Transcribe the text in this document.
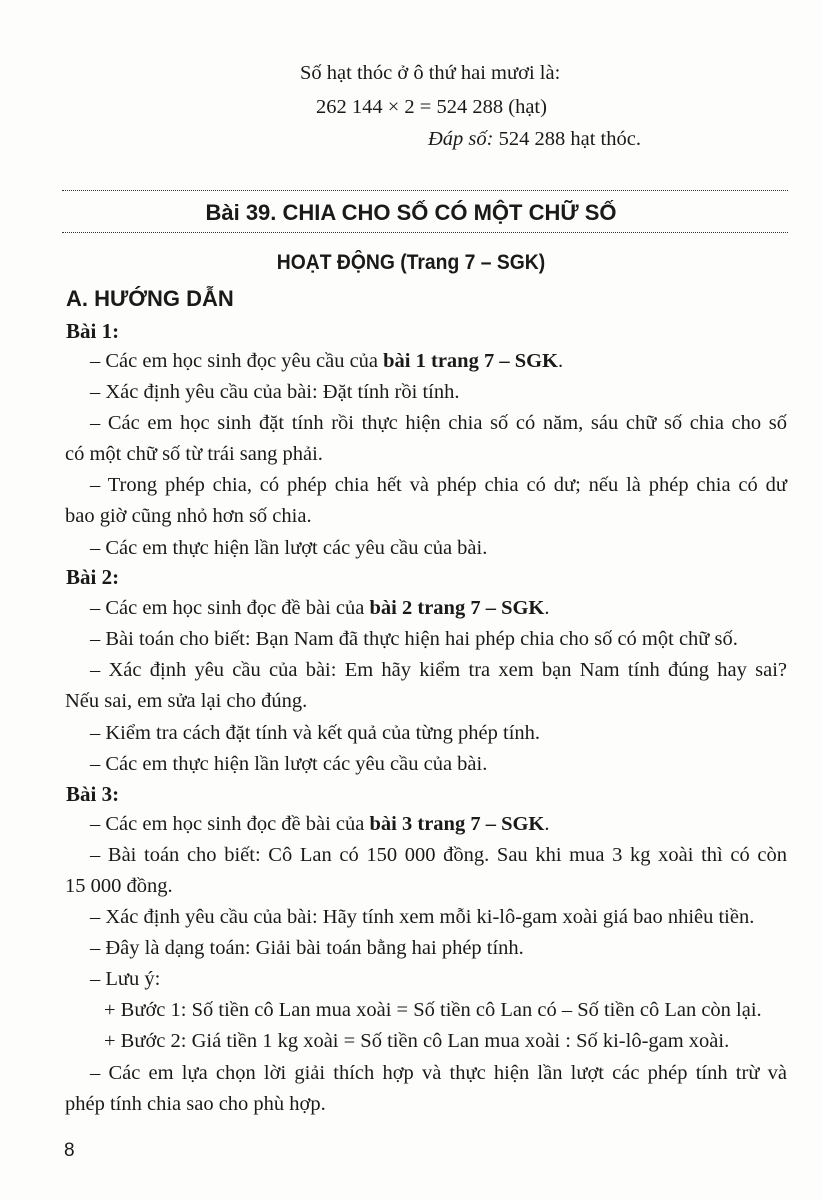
Số hạt thóc ở ô thứ hai mươi là:
262 144 × 2 = 524 288 (hạt)
Đáp số: 524 288 hạt thóc.
Bài 39. CHIA CHO SỐ CÓ MỘT CHỮ SỐ
HOẠT ĐỘNG (Trang 7 – SGK)
A. HƯỚNG DẪN
Bài 1:
– Các em học sinh đọc yêu cầu của bài 1 trang 7 – SGK.
– Xác định yêu cầu của bài: Đặt tính rồi tính.
– Các em học sinh đặt tính rồi thực hiện chia số có năm, sáu chữ số chia cho số
có một chữ số từ trái sang phải.
– Trong phép chia, có phép chia hết và phép chia có dư; nếu là phép chia có dư
bao giờ cũng nhỏ hơn số chia.
– Các em thực hiện lần lượt các yêu cầu của bài.
Bài 2:
– Các em học sinh đọc đề bài của bài 2 trang 7 – SGK.
– Bài toán cho biết: Bạn Nam đã thực hiện hai phép chia cho số có một chữ số.
– Xác định yêu cầu của bài: Em hãy kiểm tra xem bạn Nam tính đúng hay sai?
Nếu sai, em sửa lại cho đúng.
– Kiểm tra cách đặt tính và kết quả của từng phép tính.
– Các em thực hiện lần lượt các yêu cầu của bài.
Bài 3:
– Các em học sinh đọc đề bài của bài 3 trang 7 – SGK.
– Bài toán cho biết: Cô Lan có 150 000 đồng. Sau khi mua 3 kg xoài thì có còn
15 000 đồng.
– Xác định yêu cầu của bài: Hãy tính xem mỗi ki-lô-gam xoài giá bao nhiêu tiền.
– Đây là dạng toán: Giải bài toán bằng hai phép tính.
– Lưu ý:
+ Bước 1: Số tiền cô Lan mua xoài = Số tiền cô Lan có – Số tiền cô Lan còn lại.
+ Bước 2: Giá tiền 1 kg xoài = Số tiền cô Lan mua xoài : Số ki-lô-gam xoài.
– Các em lựa chọn lời giải thích hợp và thực hiện lần lượt các phép tính trừ và
phép tính chia sao cho phù hợp.
8
